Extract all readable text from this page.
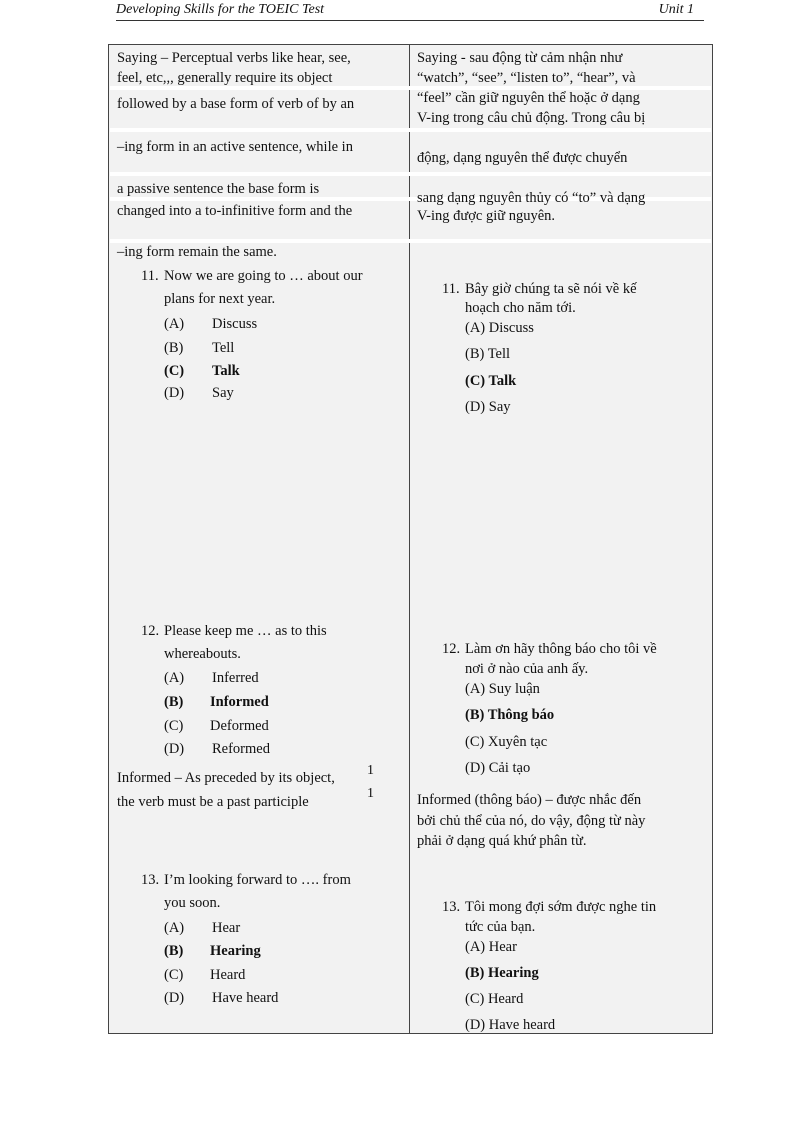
Developing Skills for the TOEIC Test	Unit 1
Saying – Perceptual verbs like hear, see,
feel, etc,,, generally require its object
followed by a base form of verb of by an
–ing form in an active sentence, while in
a passive sentence the base form is
changed into a to-infinitive form and the
–ing form remain the same.
Saying - sau động từ cảm nhận như
“watch”, “see”, “listen to”, “hear”, và
“feel” cần giữ nguyên thể hoặc ở dạng
V-ing trong câu chủ động. Trong câu bị
động, dạng nguyên thể được chuyển
sang dạng nguyên thủy có “to” và dạng
V-ing được giữ nguyên.
11. Now we are going to … about our
plans for next year.
(A) Discuss
(B) Tell
(C) Talk
(D) Say
11. Bây giờ chúng ta sẽ nói về kế
hoạch cho năm tới.
(A) Discuss
(B) Tell
(C) Talk
(D) Say
12. Please keep me … as to this
whereabouts.
(A) Inferred
(B) Informed
(C) Deformed
(D) Reformed
Informed – As preceded by its object,
the verb must be a past participle
1
1
12. Làm ơn hãy thông báo cho tôi về
nơi ở nào của anh ấy.
(A) Suy luận
(B) Thông báo
(C) Xuyên tạc
(D) Cải tạo
Informed (thông báo) – được nhắc đến
bởi chủ thể của nó, do vậy, động từ này
phải ở dạng quá khứ phân từ.
13. I’m looking forward to …. from
you soon.
(A) Hear
(B) Hearing
(C) Heard
(D) Have heard
13. Tôi mong đợi sớm được nghe tin
tức của bạn.
(A) Hear
(B) Hearing
(C) Heard
(D) Have heard
